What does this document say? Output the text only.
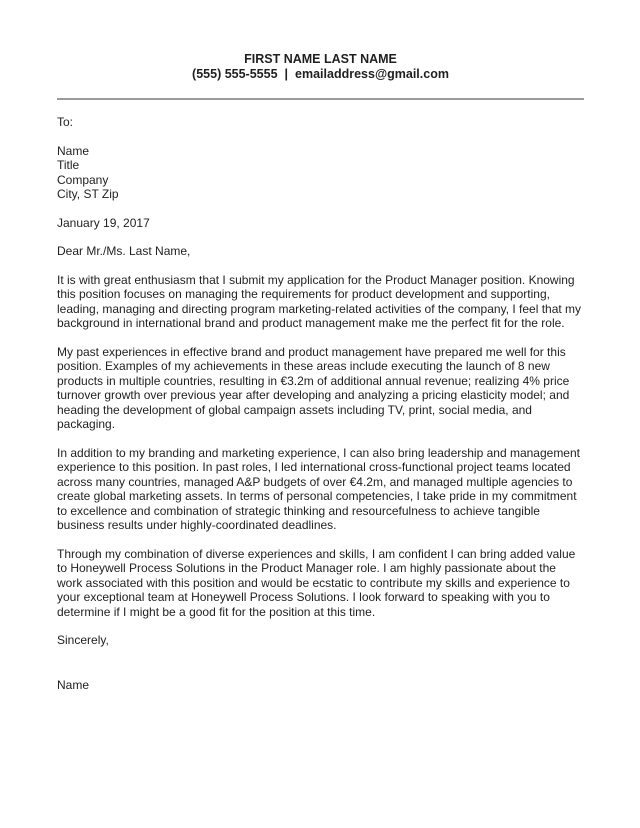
FIRST NAME LAST NAME
(555) 555-5555 | emailaddress@gmail.com
To:
Name
Title
Company
City, ST Zip
January 19, 2017
Dear Mr./Ms. Last Name,

It is with great enthusiasm that I submit my application for the Product Manager position. Knowing this position focuses on managing the requirements for product development and supporting, leading, managing and directing program marketing-related activities of the company, I feel that my background in international brand and product management make me the perfect fit for the role.

My past experiences in effective brand and product management have prepared me well for this position. Examples of my achievements in these areas include executing the launch of 8 new products in multiple countries, resulting in €3.2m of additional annual revenue; realizing 4% price turnover growth over previous year after developing and analyzing a pricing elasticity model; and heading the development of global campaign assets including TV, print, social media, and packaging.

In addition to my branding and marketing experience, I can also bring leadership and management experience to this position. In past roles, I led international cross-functional project teams located across many countries, managed A&P budgets of over €4.2m, and managed multiple agencies to create global marketing assets. In terms of personal competencies, I take pride in my commitment to excellence and combination of strategic thinking and resourcefulness to achieve tangible business results under highly-coordinated deadlines.

Through my combination of diverse experiences and skills, I am confident I can bring added value to Honeywell Process Solutions in the Product Manager role. I am highly passionate about the work associated with this position and would be ecstatic to contribute my skills and experience to your exceptional team at Honeywell Process Solutions. I look forward to speaking with you to determine if I might be a good fit for the position at this time.

Sincerely,
Name
